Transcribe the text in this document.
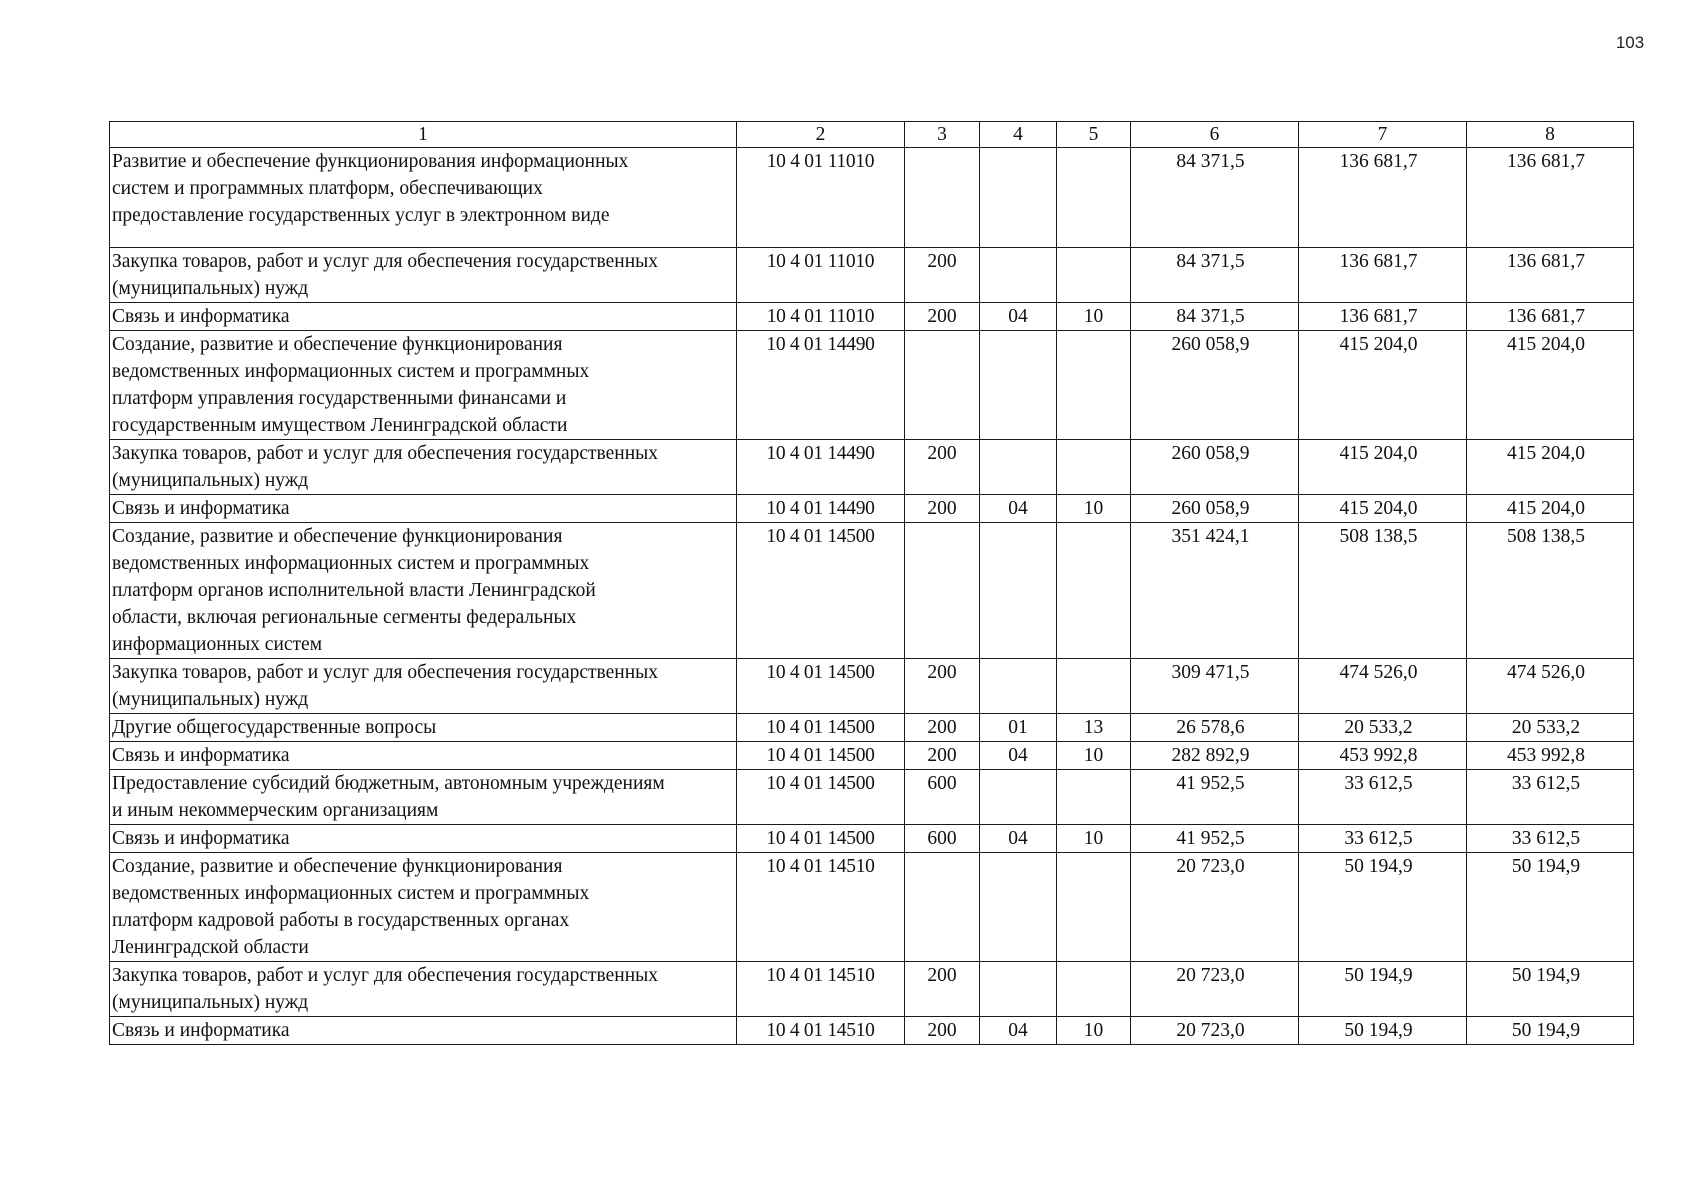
103
1	2	3	4	5	6	7	8
Развитие и обеспечение функционирования информационных
систем и программных платформ, обеспечивающих
предоставление государственных услуг в электронном виде	10 4 01 11010				84 371,5	136 681,7	136 681,7
Закупка товаров, работ и услуг для обеспечения государственных
(муниципальных) нужд	10 4 01 11010	200			84 371,5	136 681,7	136 681,7
Связь и информатика	10 4 01 11010	200	04	10	84 371,5	136 681,7	136 681,7
Создание, развитие и обеспечение функционирования
ведомственных информационных систем и программных
платформ управления государственными финансами и
государственным имуществом Ленинградской области	10 4 01 14490				260 058,9	415 204,0	415 204,0
Закупка товаров, работ и услуг для обеспечения государственных
(муниципальных) нужд	10 4 01 14490	200			260 058,9	415 204,0	415 204,0
Связь и информатика	10 4 01 14490	200	04	10	260 058,9	415 204,0	415 204,0
Создание, развитие и обеспечение функционирования
ведомственных информационных систем и программных
платформ органов исполнительной власти Ленинградской
области, включая региональные сегменты федеральных
информационных систем	10 4 01 14500				351 424,1	508 138,5	508 138,5
Закупка товаров, работ и услуг для обеспечения государственных
(муниципальных) нужд	10 4 01 14500	200			309 471,5	474 526,0	474 526,0
Другие общегосударственные вопросы	10 4 01 14500	200	01	13	26 578,6	20 533,2	20 533,2
Связь и информатика	10 4 01 14500	200	04	10	282 892,9	453 992,8	453 992,8
Предоставление субсидий бюджетным, автономным учреждениям
и иным некоммерческим организациям	10 4 01 14500	600			41 952,5	33 612,5	33 612,5
Связь и информатика	10 4 01 14500	600	04	10	41 952,5	33 612,5	33 612,5
Создание, развитие и обеспечение функционирования
ведомственных информационных систем и программных
платформ кадровой работы в государственных органах
Ленинградской области	10 4 01 14510				20 723,0	50 194,9	50 194,9
Закупка товаров, работ и услуг для обеспечения государственных
(муниципальных) нужд	10 4 01 14510	200			20 723,0	50 194,9	50 194,9
Связь и информатика	10 4 01 14510	200	04	10	20 723,0	50 194,9	50 194,9
